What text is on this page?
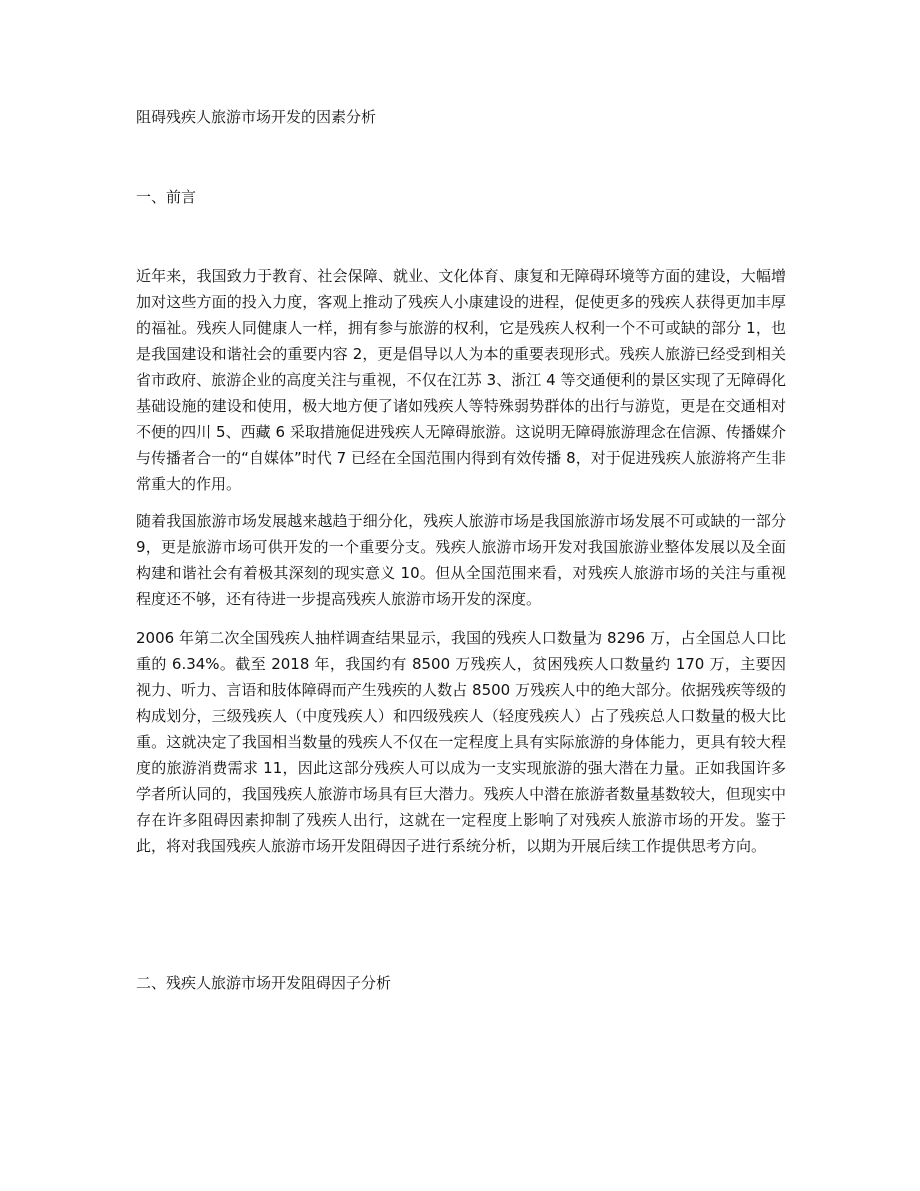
阻碍残疾人旅游市场开发的因素分析
一、前言

近年来，我国致力于教育、社会保障、就业、文化体育、康复和无障碍环境等方面的建设，大幅增加对这些方面的投入力度，客观上推动了残疾人小康建设的进程，促使更多的残疾人获得更加丰厚的福祉。残疾人同健康人一样，拥有参与旅游的权利，它是残疾人权利一个不可或缺的部分 1，也是我国建设和谐社会的重要内容 2，更是倡导以人为本的重要表现形式。残疾人旅游已经受到相关省市政府、旅游企业的高度关注与重视，不仅在江苏 3、浙江 4 等交通便利的景区实现了无障碍化基础设施的建设和使用，极大地方便了诸如残疾人等特殊弱势群体的出行与游览，更是在交通相对不便的四川 5、西藏 6 采取措施促进残疾人无障碍旅游。这说明无障碍旅游理念在信源、传播媒介与传播者合一的“自媒体”时代 7 已经在全国范围内得到有效传播 8，对于促进残疾人旅游将产生非常重大的作用。

随着我国旅游市场发展越来越趋于细分化，残疾人旅游市场是我国旅游市场发展不可或缺的一部分 9，更是旅游市场可供开发的一个重要分支。残疾人旅游市场开发对我国旅游业整体发展以及全面构建和谐社会有着极其深刻的现实意义 10。但从全国范围来看，对残疾人旅游市场的关注与重视程度还不够，还有待进一步提高残疾人旅游市场开发的深度。

2006 年第二次全国残疾人抽样调查结果显示，我国的残疾人口数量为 8296 万，占全国总人口比重的 6.34%。截至 2018 年，我国约有 8500 万残疾人，贫困残疾人口数量约 170 万，主要因视力、听力、言语和肢体障碍而产生残疾的人数占 8500 万残疾人中的绝大部分。依据残疾等级的构成划分，三级残疾人（中度残疾人）和四级残疾人（轻度残疾人）占了残疾总人口数量的极大比重。这就决定了我国相当数量的残疾人不仅在一定程度上具有实际旅游的身体能力，更具有较大程度的旅游消费需求 11，因此这部分残疾人可以成为一支实现旅游的强大潜在力量。正如我国许多学者所认同的，我国残疾人旅游市场具有巨大潜力。残疾人中潜在旅游者数量基数较大，但现实中存在许多阻碍因素抑制了残疾人出行，这就在一定程度上影响了对残疾人旅游市场的开发。鉴于此，将对我国残疾人旅游市场开发阻碍因子进行系统分析，以期为开展后续工作提供思考方向。

二、残疾人旅游市场开发阻碍因子分析
